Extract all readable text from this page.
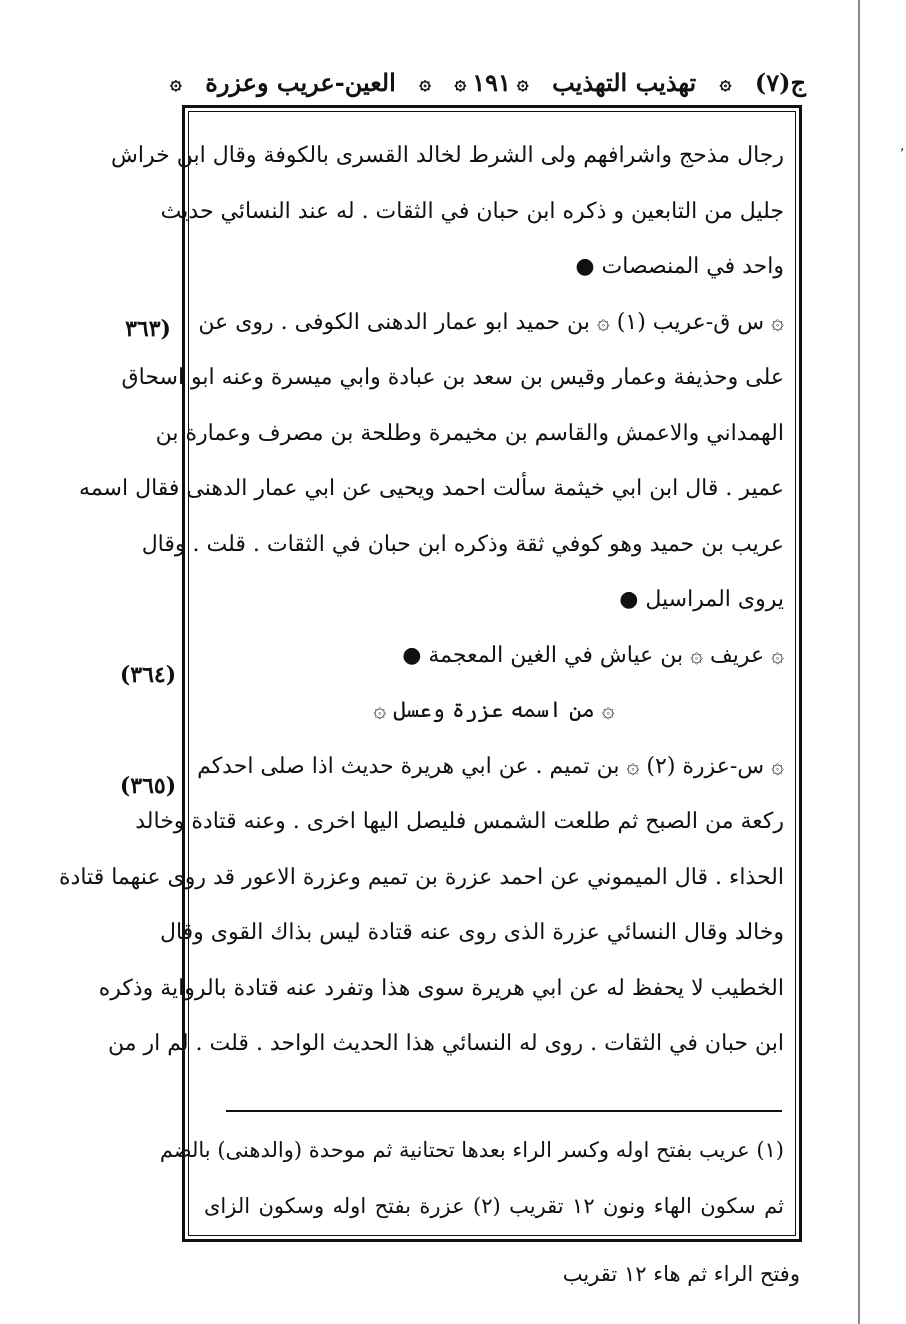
ج(٧)
۞
تهذيب التهذيب
۞
١٩١
۞
۞
العين-عريب وعزرة
۞
(٣٦٣
(٣٦٤)
(٣٦٥)
رجال مذحج واشرافهم ولى الشرط لخالد القسرى بالكوفة وقال ابن خراش
جليل من التابعين و ذكره ابن حبان في الثقات . له عند النسائي حديث
واحد في المنصصات ●
۞ س ق-عريب (١) ۞ بن حميد ابو عمار الدهنى الكوفى . روى عن
على وحذيفة وعمار وقيس بن سعد بن عبادة وابي ميسرة وعنه ابو اسحاق
الهمداني والاعمش والقاسم بن مخيمرة وطلحة بن مصرف وعمارة بن
عمير . قال ابن ابي خيثمة سألت احمد ويحيى عن ابي عمار الدهنى فقال اسمه
عريب بن حميد وهو كوفي ثقة وذكره ابن حبان في الثقات . قلت . وقال
يروى المراسيل ●
۞ عريف ۞ بن عياش في الغين المعجمة ●
۞ من اسمه عزرة وعسل ۞
۞ س-عزرة (٢) ۞ بن تميم . عن ابي هريرة حديث اذا صلى احدكم
ركعة من الصبح ثم طلعت الشمس فليصل اليها اخرى . وعنه قتادة وخالد
الحذاء . قال الميموني عن احمد عزرة بن تميم وعزرة الاعور قد روى عنهما قتادة
وخالد وقال النسائي عزرة الذى روى عنه قتادة ليس بذاك القوى وقال
الخطيب لا يحفظ له عن ابي هريرة سوى هذا وتفرد عنه قتادة بالرواية وذكره
ابن حبان في الثقات . روى له النسائي هذا الحديث الواحد . قلت . لم ار من
(١) عريب بفتح اوله وكسر الراء بعدها تحتانية ثم موحدة (والدهنى) بالضم
ثم سكون الهاء ونون ١٢ تقريب (٢) عزرة بفتح اوله وسكون الزاى
وفتح الراء ثم هاء ١٢ تقريب
,
